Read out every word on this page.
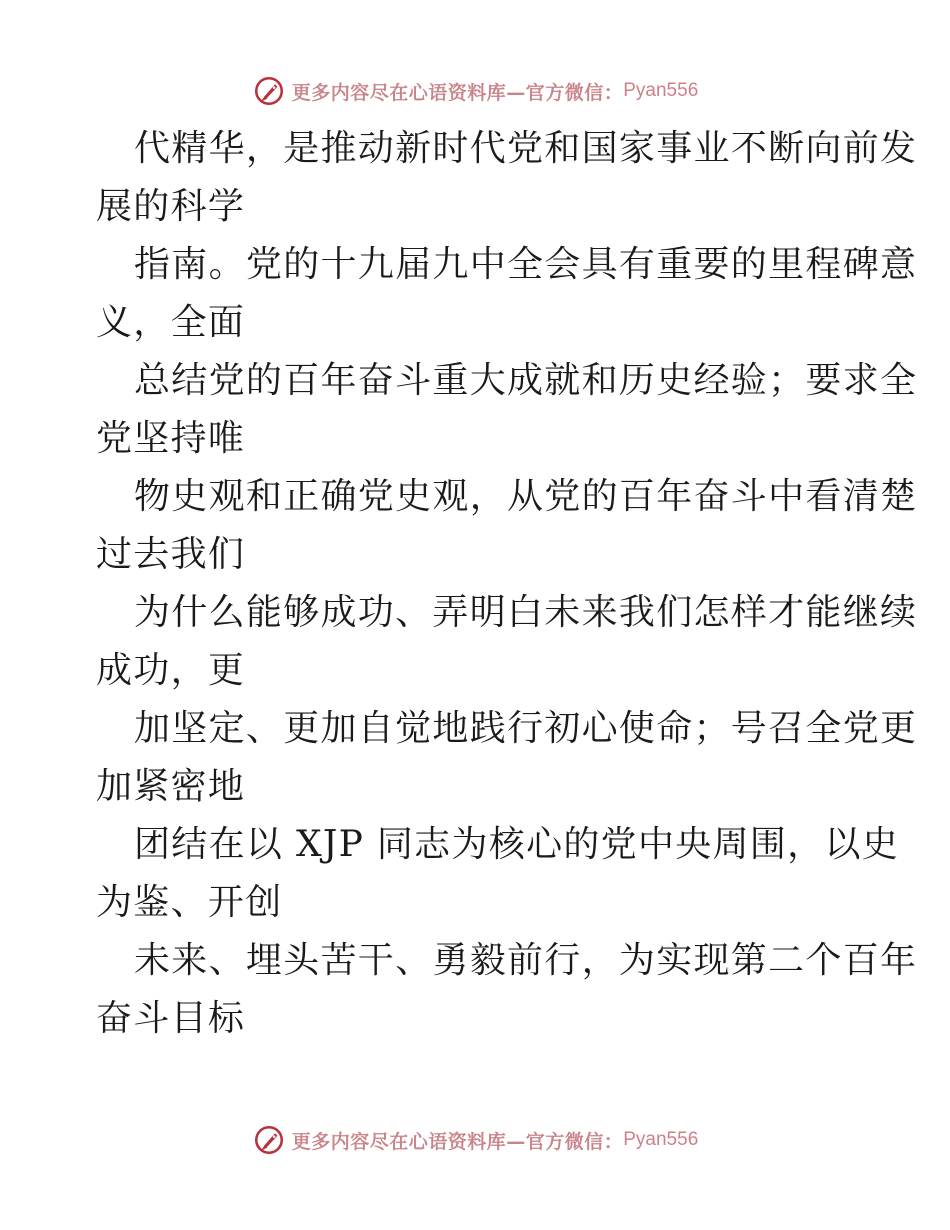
更多内容尽在心语资料库—官方微信： Pyan556
代精华，是推动新时代党和国家事业不断向前发
展的科学
指南。党的十九届九中全会具有重要的里程碑意
义，全面
总结党的百年奋斗重大成就和历史经验；要求全
党坚持唯
物史观和正确党史观，从党的百年奋斗中看清楚
过去我们
为什么能够成功、弄明白未来我们怎样才能继续
成功，更
加坚定、更加自觉地践行初心使命；号召全党更
加紧密地
团结在以 XJP 同志为核心的党中央周围，以史
为鉴、开创
未来、埋头苦干、勇毅前行，为实现第二个百年
奋斗目标
更多内容尽在心语资料库—官方微信： Pyan556
